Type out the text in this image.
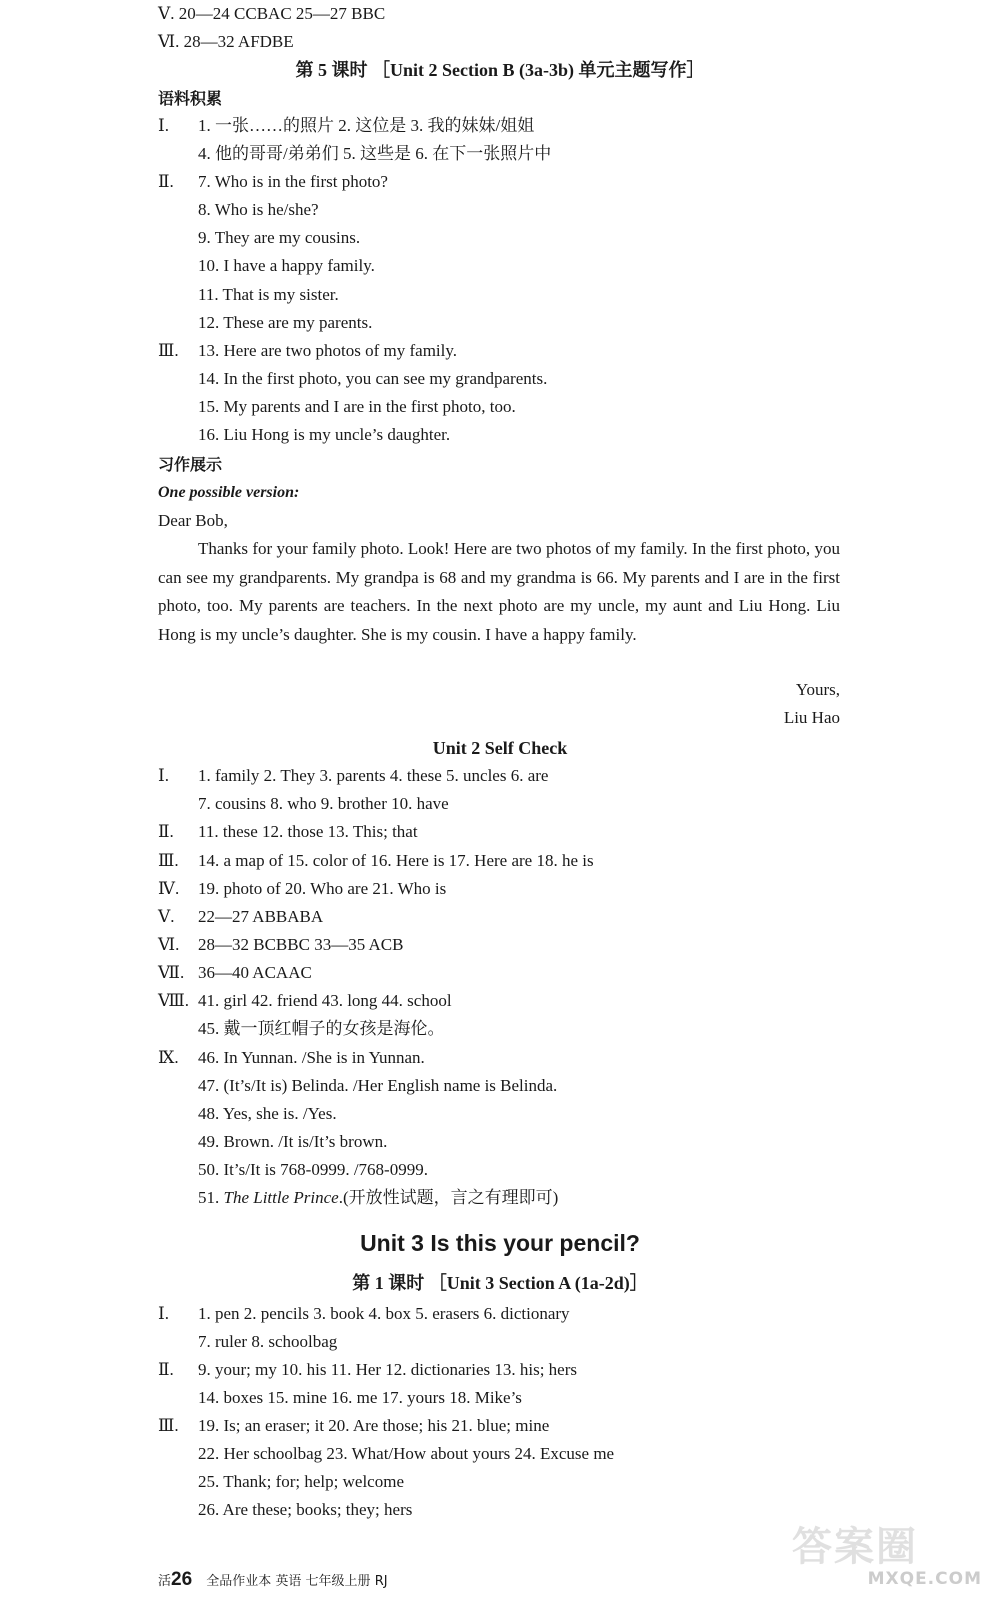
Ⅴ. 20—24 CCBAC 25—27 BBC
Ⅵ. 28—32 AFDBE
第 5 课时 ［Unit 2 Section B (3a-3b) 单元主题写作］
语料积累
Ⅰ. 1. 一张……的照片 2. 这位是 3. 我的妹妹/姐姐
4. 他的哥哥/弟弟们 5. 这些是 6. 在下一张照片中
Ⅱ. 7. Who is in the first photo?
8. Who is he/she?
9. They are my cousins.
10. I have a happy family.
11. That is my sister.
12. These are my parents.
Ⅲ. 13. Here are two photos of my family.
14. In the first photo, you can see my grandparents.
15. My parents and I are in the first photo, too.
16. Liu Hong is my uncle’s daughter.
习作展示
One possible version:
Dear Bob,

Thanks for your family photo. Look! Here are two photos of my family. In the first photo, you can see my grandparents. My grandpa is 68 and my grandma is 66. My parents and I are in the first photo, too. My parents are teachers. In the next photo are my uncle, my aunt and Liu Hong. Liu Hong is my uncle’s daughter. She is my cousin. I have a happy family.

Yours,
Liu Hao
Unit 2 Self Check
Ⅰ. 1. family 2. They 3. parents 4. these 5. uncles 6. are
7. cousins 8. who 9. brother 10. have
Ⅱ. 11. these 12. those 13. This; that
Ⅲ. 14. a map of 15. color of 16. Here is 17. Here are 18. he is
Ⅳ. 19. photo of 20. Who are 21. Who is
Ⅴ. 22—27 ABBABA
Ⅵ. 28—32 BCBBC 33—35 ACB
Ⅶ. 36—40 ACAAC
Ⅷ. 41. girl 42. friend 43. long 44. school
45. 戴一顶红帽子的女孩是海伦。
Ⅸ. 46. In Yunnan. /She is in Yunnan.
47. (It’s/It is) Belinda. /Her English name is Belinda.
48. Yes, she is. /Yes.
49. Brown. /It is/It’s brown.
50. It’s/It is 768-0999. /768-0999.
51. The Little Prince.(开放性试题，言之有理即可)
Unit 3 Is this your pencil?
第 1 课时 ［Unit 3 Section A (1a-2d)］
Ⅰ. 1. pen 2. pencils 3. book 4. box 5. erasers 6. dictionary
7. ruler 8. schoolbag
Ⅱ. 9. your; my 10. his 11. Her 12. dictionaries 13. his; hers
14. boxes 15. mine 16. me 17. yours 18. Mike’s
Ⅲ. 19. Is; an eraser; it 20. Are those; his 21. blue; mine
22. Her schoolbag 23. What/How about yours 24. Excuse me
25. Thank; for; help; welcome
26. Are these; books; they; hers
活26 全品作业本 英语 七年级上册 RJ
答案圈
MXQE.COM
